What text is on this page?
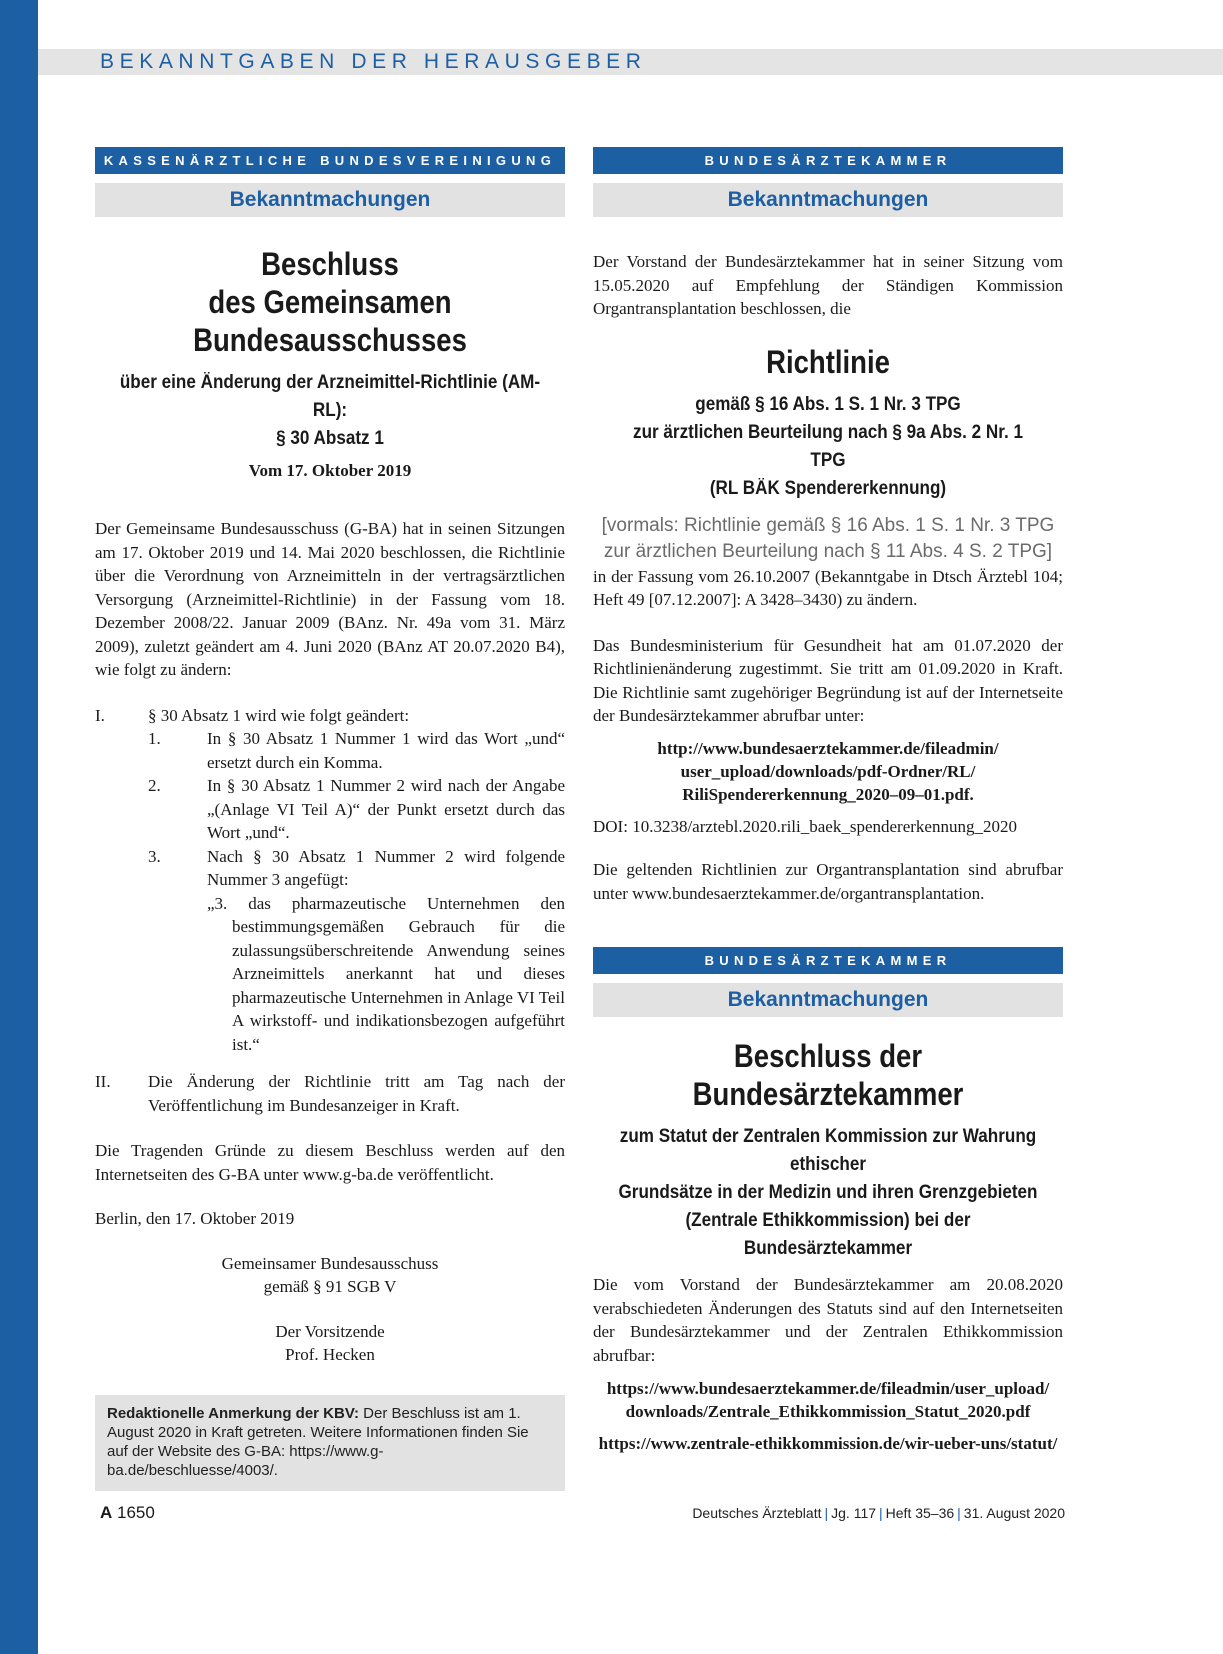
BEKANNTGABEN DER HERAUSGEBER
KASSENÄRZTLICHE BUNDESVEREINIGUNG
Bekanntmachungen
Beschluss
des Gemeinsamen Bundesausschusses
über eine Änderung der Arzneimittel-Richtlinie (AM-RL):
§ 30 Absatz 1
Vom 17. Oktober 2019

Der Gemeinsame Bundesausschuss (G-BA) hat in seinen Sitzungen am 17. Oktober 2019 und 14. Mai 2020 beschlossen, die Richtlinie über die Verordnung von Arzneimitteln in der vertragsärztlichen Versorgung (Arzneimittel-Richtlinie) in der Fassung vom 18. Dezember 2008/22. Januar 2009 (BAnz. Nr. 49a vom 31. März 2009), zuletzt geändert am 4. Juni 2020 (BAnz AT 20.07.2020 B4), wie folgt zu ändern:

I.	§ 30 Absatz 1 wird wie folgt geändert:
1.	In § 30 Absatz 1 Nummer 1 wird das Wort „und“ ersetzt durch ein Komma.
2.	In § 30 Absatz 1 Nummer 2 wird nach der Angabe „(Anlage VI Teil A)“ der Punkt ersetzt durch das Wort „und“.
3.	Nach § 30 Absatz 1 Nummer 2 wird folgende Nummer 3 angefügt:
„3. das pharmazeutische Unternehmen den bestimmungsgemäßen Gebrauch für die zulassungsüberschreitende Anwendung seines Arzneimittels anerkannt hat und dieses pharmazeutische Unternehmen in Anlage VI Teil A wirkstoff- und indikationsbezogen aufgeführt ist.“
II. Die Änderung der Richtlinie tritt am Tag nach der Veröffentlichung im Bundesanzeiger in Kraft.

Die Tragenden Gründe zu diesem Beschluss werden auf den Internetseiten des G-BA unter www.g-ba.de veröffentlicht.

Berlin, den 17. Oktober 2019

Gemeinsamer Bundesausschuss
gemäß § 91 SGB V
Der Vorsitzende
Prof. Hecken
Redaktionelle Anmerkung der KBV: Der Beschluss ist am 1. August 2020 in Kraft getreten. Weitere Informationen finden Sie auf der Website des G-BA: https://www.g-ba.de/beschluesse/4003/.
BUNDESÄRZTEKAMMER
Bekanntmachungen

Der Vorstand der Bundesärztekammer hat in seiner Sitzung vom 15.05.2020 auf Empfehlung der Ständigen Kommission Organtransplantation beschlossen, die

Richtlinie
gemäß § 16 Abs. 1 S. 1 Nr. 3 TPG
zur ärztlichen Beurteilung nach § 9a Abs. 2 Nr. 1 TPG
(RL BÄK Spendererkennung)
[vormals: Richtlinie gemäß § 16 Abs. 1 S. 1 Nr. 3 TPG
zur ärztlichen Beurteilung nach § 11 Abs. 4 S. 2 TPG]

in der Fassung vom 26.10.2007 (Bekanntgabe in Dtsch Ärztebl 104; Heft 49 [07.12.2007]: A 3428–3430) zu ändern.

Das Bundesministerium für Gesundheit hat am 01.07.2020 der Richtlinienänderung zugestimmt. Sie tritt am 01.09.2020 in Kraft. Die Richtlinie samt zugehöriger Begründung ist auf der Internetseite der Bundesärztekammer abrufbar unter:

http://www.bundesaerztekammer.de/fileadmin/
user_upload/downloads/pdf-Ordner/RL/
RiliSpendererkennung_2020–09–01.pdf.

DOI: 10.3238/arztebl.2020.rili_baek_spendererkennung_2020

Die geltenden Richtlinien zur Organtransplantation sind abrufbar unter www.bundesaerztekammer.de/organtransplantation.

BUNDESÄRZTEKAMMER
Bekanntmachungen
Beschluss der Bundesärztekammer
zum Statut der Zentralen Kommission zur Wahrung ethischer
Grundsätze in der Medizin und ihren Grenzgebieten
(Zentrale Ethikkommission) bei der Bundesärztekammer

Die vom Vorstand der Bundesärztekammer am 20.08.2020 verabschiedeten Änderungen des Statuts sind auf den Internetseiten der Bundesärztekammer und der Zentralen Ethikkommission abrufbar:

https://www.bundesaerztekammer.de/fileadmin/user_upload/
downloads/Zentrale_Ethikkommission_Statut_2020.pdf
https://www.zentrale-ethikkommission.de/wir-ueber-uns/statut/
A 1650	Deutsches Ärzteblatt | Jg. 117 | Heft 35–36 | 31. August 2020
